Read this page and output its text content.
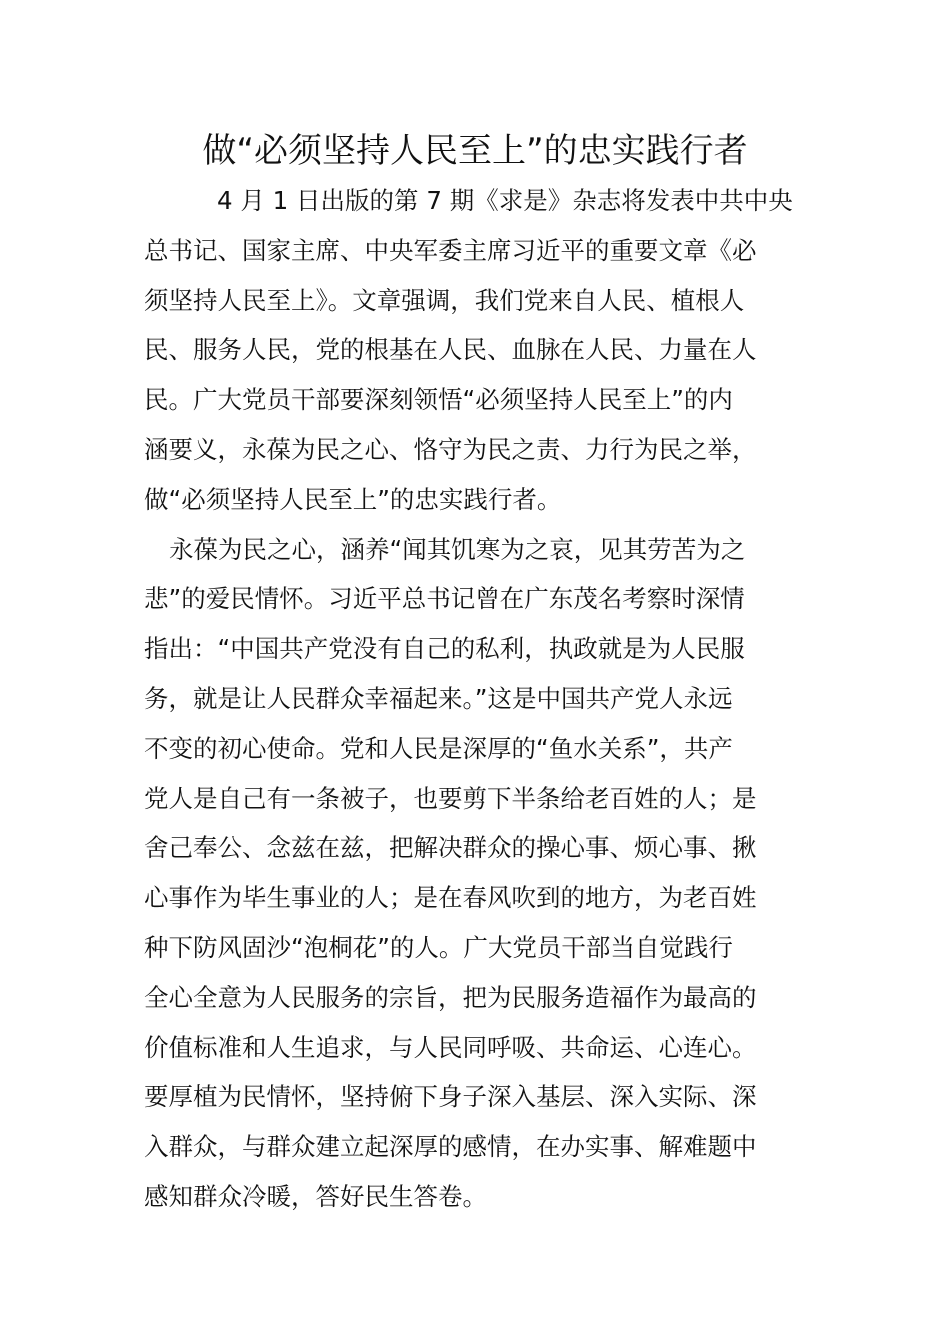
做“必须坚持人民至上”的忠实践行者

4 月 1 日出版的第 7 期《求是》杂志将发表中共中央
总书记、国家主席、中央军委主席习近平的重要文章《必
须坚持人民至上》。文章强调，我们党来自人民、植根人
民、服务人民，党的根基在人民、血脉在人民、力量在人
民。广大党员干部要深刻领悟“必须坚持人民至上”的内
涵要义，永葆为民之心、恪守为民之责、力行为民之举，
做“必须坚持人民至上”的忠实践行者。

永葆为民之心，涵养“闻其饥寒为之哀，见其劳苦为之
悲”的爱民情怀。习近平总书记曾在广东茂名考察时深情
指出：“中国共产党没有自己的私利，执政就是为人民服
务，就是让人民群众幸福起来。”这是中国共产党人永远
不变的初心使命。党和人民是深厚的“鱼水关系”，共产
党人是自己有一条被子，也要剪下半条给老百姓的人；是
舍己奉公、念兹在兹，把解决群众的操心事、烦心事、揪
心事作为毕生事业的人；是在春风吹到的地方，为老百姓
种下防风固沙“泡桐花”的人。广大党员干部当自觉践行
全心全意为人民服务的宗旨，把为民服务造福作为最高的
价值标准和人生追求，与人民同呼吸、共命运、心连心。
要厚植为民情怀，坚持俯下身子深入基层、深入实际、深
入群众，与群众建立起深厚的感情，在办实事、解难题中
感知群众冷暖，答好民生答卷。
